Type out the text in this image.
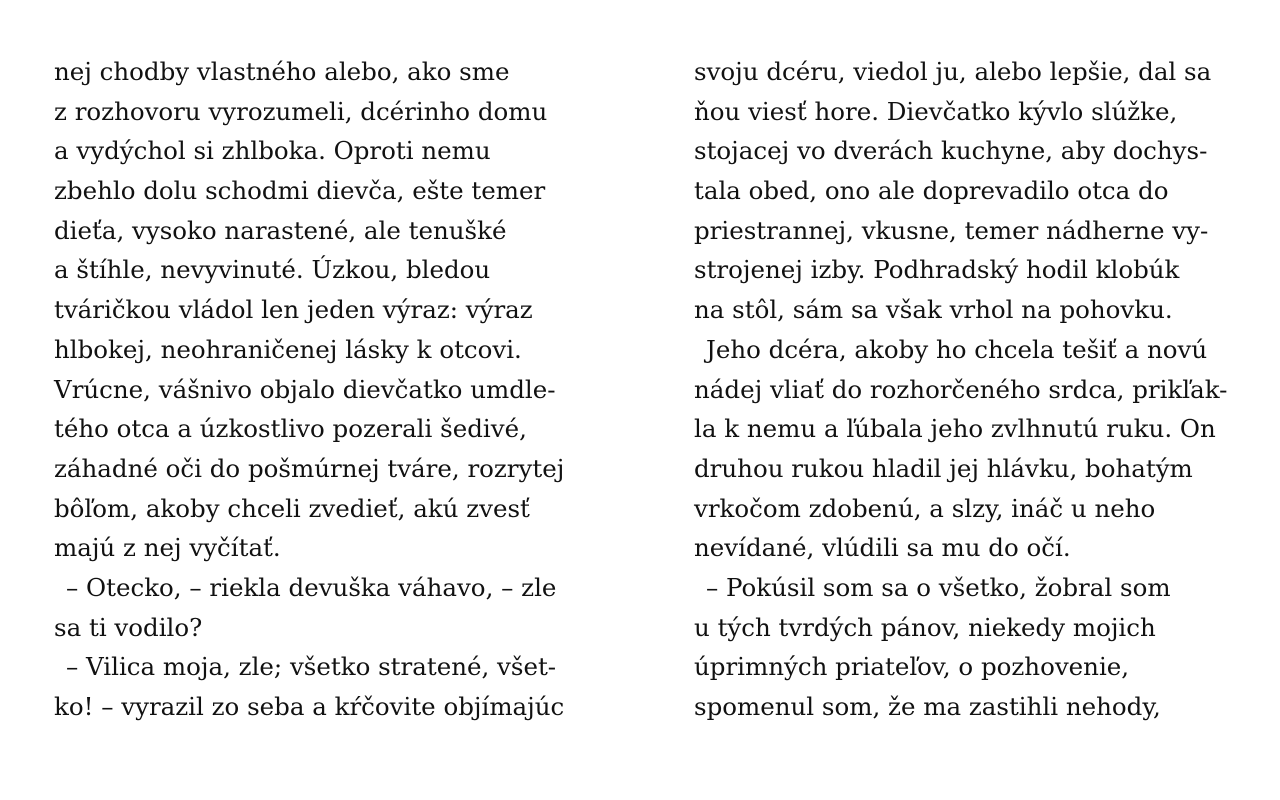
nej chodby vlastného alebo, ako sme
z rozhovoru vyrozumeli, dcérinho domu
a vydýchol si zhlboka. Oproti nemu
zbehlo dolu schodmi dievča, ešte temer
dieťa, vysoko narastené, ale tenušké
a štíhle, nevyvinuté. Úzkou, bledou
tváričkou vládol len jeden výraz: výraz
hlbokej, neohraničenej lásky k otcovi.
Vrúcne, vášnivo objalo dievčatko umdle-
tého otca a úzkostlivo pozerali šedivé,
záhadné oči do pošmúrnej tváre, rozrytej
bôľom, akoby chceli zvedieť, akú zvesť
majú z nej vyčítať.
– Otecko, – riekla devuška váhavo, – zle
sa ti vodilo?
– Vilica moja, zle; všetko stratené, všet-
ko! – vyrazil zo seba a kŕčovite objímajúc
svoju dcéru, viedol ju, alebo lepšie, dal sa
ňou viesť hore. Dievčatko kývlo slúžke,
stojacej vo dverách kuchyne, aby dochys-
tala obed, ono ale doprevadilo otca do
priestrannej, vkusne, temer nádherne vy-
strojenej izby. Podhradský hodil klobúk
na stôl, sám sa však vrhol na pohovku.
Jeho dcéra, akoby ho chcela tešiť a novú
nádej vliať do rozhorčeného srdca, prikľak-
la k nemu a ľúbala jeho zvlhnutú ruku. On
druhou rukou hladil jej hlávku, bohatým
vrkočom zdobenú, a slzy, ináč u neho
nevídané, vlúdili sa mu do očí.
– Pokúsil som sa o všetko, žobral som
u tých tvrdých pánov, niekedy mojich
úprimných priateľov, o pozhovenie,
spomenul som, že ma zastihli nehody,
